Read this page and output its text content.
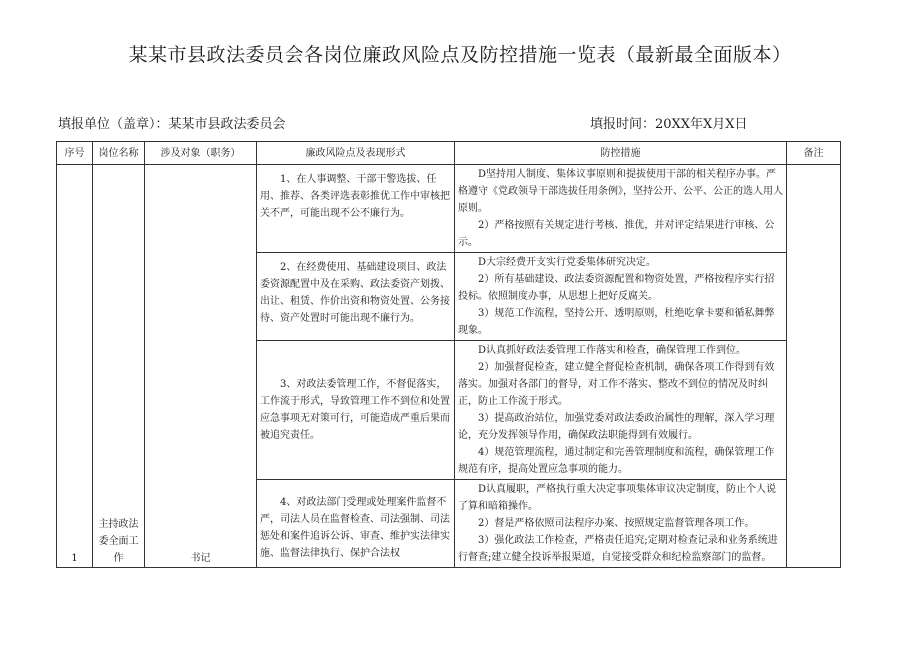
某某市县政法委员会各岗位廉政风险点及防控措施一览表（最新最全面版本）
填报单位（盖章）：某某市县政法委员会	填报时间：20XX年X月X日
序号	岗位名称	涉及对象（职务）	廉政风险点及表现形式	防控措施	备注
1	主持政法委全面工作	书记	1、在人事调整、干部干警选拔、任用、推荐、各类评选表彰推优工作中审核把关不严，可能出现不公不廉行为。	D坚持用人制度、集体议事原则和提拔使用干部的相关程序办事。严格遵守《党政领导干部选拔任用条例》，坚持公开、公平、公正的选人用人原则。

2）严格按照有关规定进行考核、推优，并对评定结果进行审核、公示。	

			2、在经费使用、基础建设项目、政法委资源配置中及在采购、政法委资产划拨、出让、租赁、作价出资和物资处置、公务接待、资产处置时可能出现不廉行为。	D大宗经费开支实行党委集体研究决定。

2）所有基础建设、政法委资源配置和物资处置，严格按程序实行招投标。依照制度办事，从思想上把好反腐关。

3）规范工作流程，坚持公开、透明原则，杜绝吃拿卡要和循私舞弊现象。	

			3、对政法委管理工作，不督促落实，工作流于形式，导致管理工作不到位和处置应急事项无对策可行，可能造成严重后果而被追究责任。	D认真抓好政法委管理工作落实和检查，确保管理工作到位。

2）加强督促检查，建立健全督促检查机制，确保各项工作得到有效落实。加强对各部门的督导，对工作不落实、整改不到位的情况及时纠正，防止工作流于形式。

3）提高政治站位，加强党委对政法委政治属性的理解，深入学习理论，充分发挥领导作用，确保政法职能得到有效履行。

4）规范管理流程，通过制定和完善管理制度和流程，确保管理工作规范有序，提高处置应急事项的能力。	

			4、对政法部门受理或处理案件监督不严，司法人员在监督检查、司法强制、司法惩处和案件追诉公诉、审查、维护实法律实施、监督法律执行、保护合法权	D认真履职，严格执行重大决定事项集体审议决定制度，防止个人说了算和暗箱操作。

2）督是严格依照司法程序办案、按照规定监督管理各项工作。

3）强化政法工作检查，严格责任追究;定期对检查记录和业务系统进行督查;建立健全投诉举报渠道，自觉接受群众和纪检监察部门的监督。	
